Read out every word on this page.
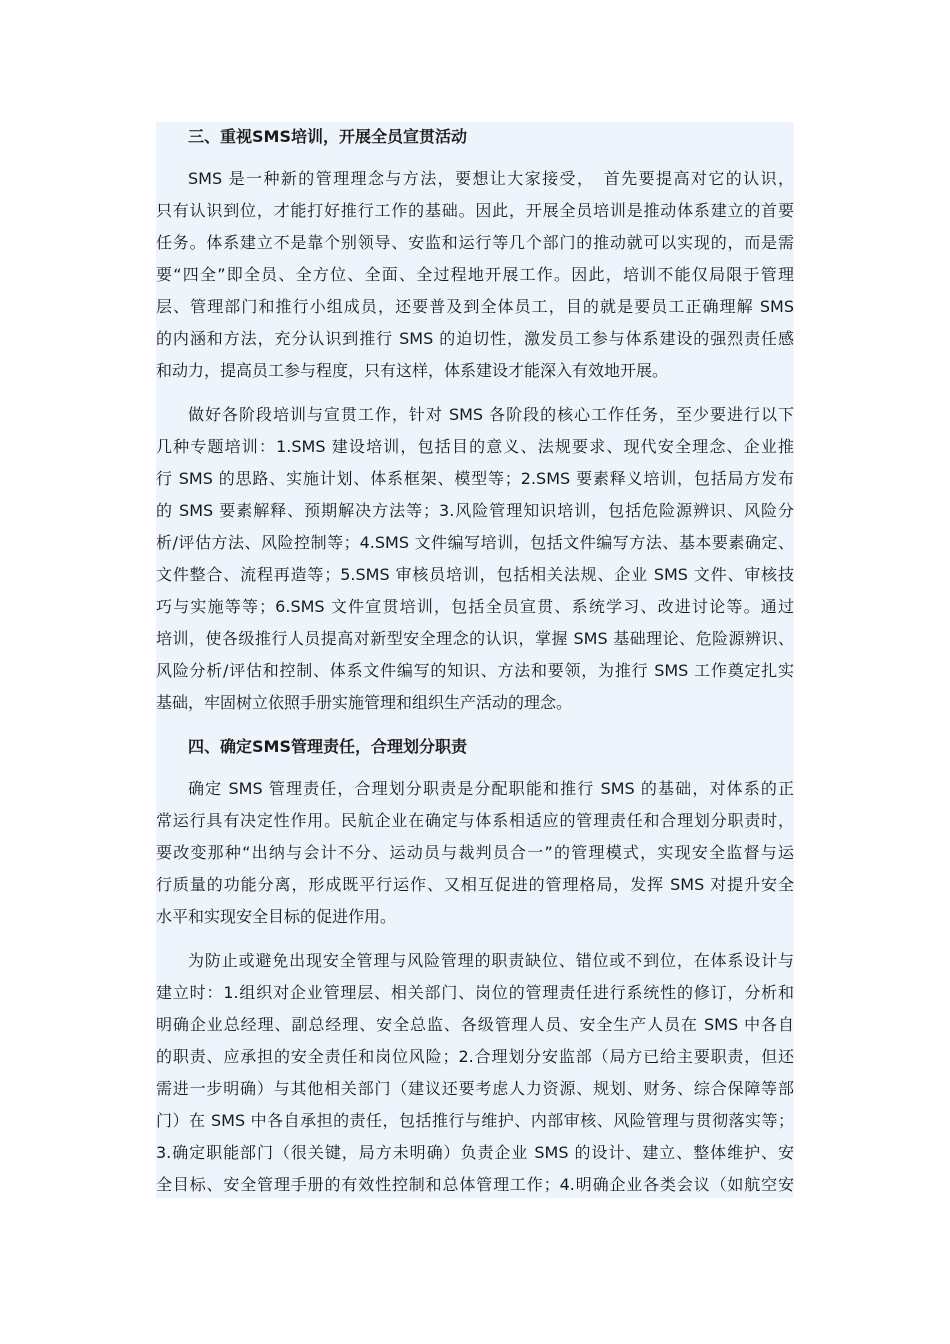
三、重视SMS培训，开展全员宣贯活动
SMS 是一种新的管理理念与方法，要想让大家接受，　首先要提高对它的认识，
只有认识到位，才能打好推行工作的基础。因此，开展全员培训是推动体系建立的首要
任务。体系建立不是靠个别领导、安监和运行等几个部门的推动就可以实现的，而是需
要“四全”即全员、全方位、全面、全过程地开展工作。因此，培训不能仅局限于管理
层、管理部门和推行小组成员，还要普及到全体员工，目的就是要员工正确理解 SMS
的内涵和方法，充分认识到推行 SMS 的迫切性，激发员工参与体系建设的强烈责任感
和动力，提高员工参与程度，只有这样，体系建设才能深入有效地开展。
做好各阶段培训与宣贯工作，针对 SMS 各阶段的核心工作任务，至少要进行以下
几种专题培训：1.SMS 建设培训，包括目的意义、法规要求、现代安全理念、企业推
行 SMS 的思路、实施计划、体系框架、模型等；2.SMS 要素释义培训，包括局方发布
的 SMS 要素解释、预期解决方法等；3.风险管理知识培训，包括危险源辨识、风险分
析/评估方法、风险控制等；4.SMS 文件编写培训，包括文件编写方法、基本要素确定、
文件整合、流程再造等；5.SMS 审核员培训，包括相关法规、企业 SMS 文件、审核技
巧与实施等等；6.SMS 文件宣贯培训，包括全员宣贯、系统学习、改进讨论等。通过
培训，使各级推行人员提高对新型安全理念的认识，掌握 SMS 基础理论、危险源辨识、
风险分析/评估和控制、体系文件编写的知识、方法和要领，为推行 SMS 工作奠定扎实
基础，牢固树立依照手册实施管理和组织生产活动的理念。
四、确定SMS管理责任，合理划分职责
确定 SMS 管理责任，合理划分职责是分配职能和推行 SMS 的基础，对体系的正
常运行具有决定性作用。民航企业在确定与体系相适应的管理责任和合理划分职责时，
要改变那种“出纳与会计不分、运动员与裁判员合一”的管理模式，实现安全监督与运
行质量的功能分离，形成既平行运作、又相互促进的管理格局，发挥 SMS 对提升安全
水平和实现安全目标的促进作用。
为防止或避免出现安全管理与风险管理的职责缺位、错位或不到位，在体系设计与
建立时：1.组织对企业管理层、相关部门、岗位的管理责任进行系统性的修订，分析和
明确企业总经理、副总经理、安全总监、各级管理人员、安全生产人员在 SMS 中各自
的职责、应承担的安全责任和岗位风险；2.合理划分安监部（局方已给主要职责，但还
需进一步明确）与其他相关部门（建议还要考虑人力资源、规划、财务、综合保障等部
门）在 SMS 中各自承担的责任，包括推行与维护、内部审核、风险管理与贯彻落实等；
3.确定职能部门（很关键，局方未明确）负责企业 SMS 的设计、建立、整体维护、安
全目标、安全管理手册的有效性控制和总体管理工作；4.明确企业各类会议（如航空安
